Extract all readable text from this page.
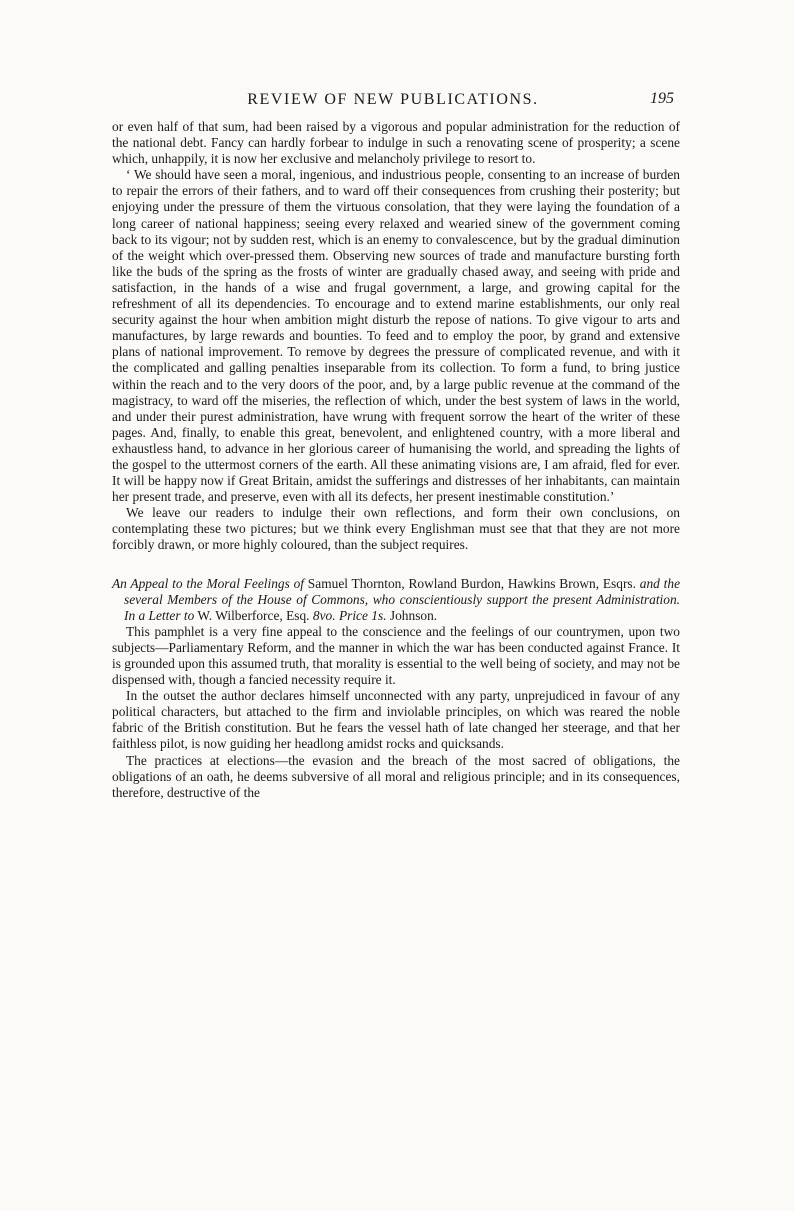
REVIEW OF NEW PUBLICATIONS.	195

or even half of that sum, had been raised by a vigorous and popular administration for the reduction of the national debt. Fancy can hardly forbear to indulge in such a renovating scene of prosperity; a scene which, unhappily, it is now her exclusive and melancholy privilege to resort to.

‘ We should have seen a moral, ingenious, and industrious people, consenting to an increase of burden to repair the errors of their fathers, and to ward off their consequences from crushing their posterity; but enjoying under the pressure of them the virtuous consolation, that they were laying the foundation of a long career of national happiness; seeing every relaxed and wearied sinew of the government coming back to its vigour; not by sudden rest, which is an enemy to convalescence, but by the gradual diminution of the weight which over-pressed them. Observing new sources of trade and manufacture bursting forth like the buds of the spring as the frosts of winter are gradually chased away, and seeing with pride and satisfaction, in the hands of a wise and frugal government, a large, and growing capital for the refreshment of all its dependencies. To encourage and to extend marine establishments, our only real security against the hour when ambition might disturb the repose of nations. To give vigour to arts and manufactures, by large rewards and bounties. To feed and to employ the poor, by grand and extensive plans of national improvement. To remove by degrees the pressure of complicated revenue, and with it the complicated and galling penalties inseparable from its collection. To form a fund, to bring justice within the reach and to the very doors of the poor, and, by a large public revenue at the command of the magistracy, to ward off the miseries, the reflection of which, under the best system of laws in the world, and under their purest administration, have wrung with frequent sorrow the heart of the writer of these pages. And, finally, to enable this great, benevolent, and enlightened country, with a more liberal and exhaustless hand, to advance in her glorious career of humanising the world, and spreading the lights of the gospel to the uttermost corners of the earth. All these animating visions are, I am afraid, fled for ever. It will be happy now if Great Britain, amidst the sufferings and distresses of her inhabitants, can maintain her present trade, and preserve, even with all its defects, her present inestimable constitution.’

We leave our readers to indulge their own reflections, and form their own conclusions, on contemplating these two pictures; but we think every Englishman must see that that they are not more forcibly drawn, or more highly coloured, than the subject requires.

An Appeal to the Moral Feelings of Samuel Thornton, Rowland Burdon, Hawkins Brown, Esqrs. and the several Members of the House of Commons, who conscientiously support the present Administration. In a Letter to W. Wilberforce, Esq. 8vo. Price 1s. Johnson.

This pamphlet is a very fine appeal to the conscience and the feelings of our countrymen, upon two subjects—Parliamentary Reform, and the manner in which the war has been conducted against France. It is grounded upon this assumed truth, that morality is essential to the well being of society, and may not be dispensed with, though a fancied necessity require it.

In the outset the author declares himself unconnected with any party, unprejudiced in favour of any political characters, but attached to the firm and inviolable principles, on which was reared the noble fabric of the British constitution. But he fears the vessel hath of late changed her steerage, and that her faithless pilot, is now guiding her headlong amidst rocks and quicksands.

The practices at elections—the evasion and the breach of the most sacred of obligations, the obligations of an oath, he deems subversive of all moral and religious principle; and in its consequences, therefore, destructive of the
